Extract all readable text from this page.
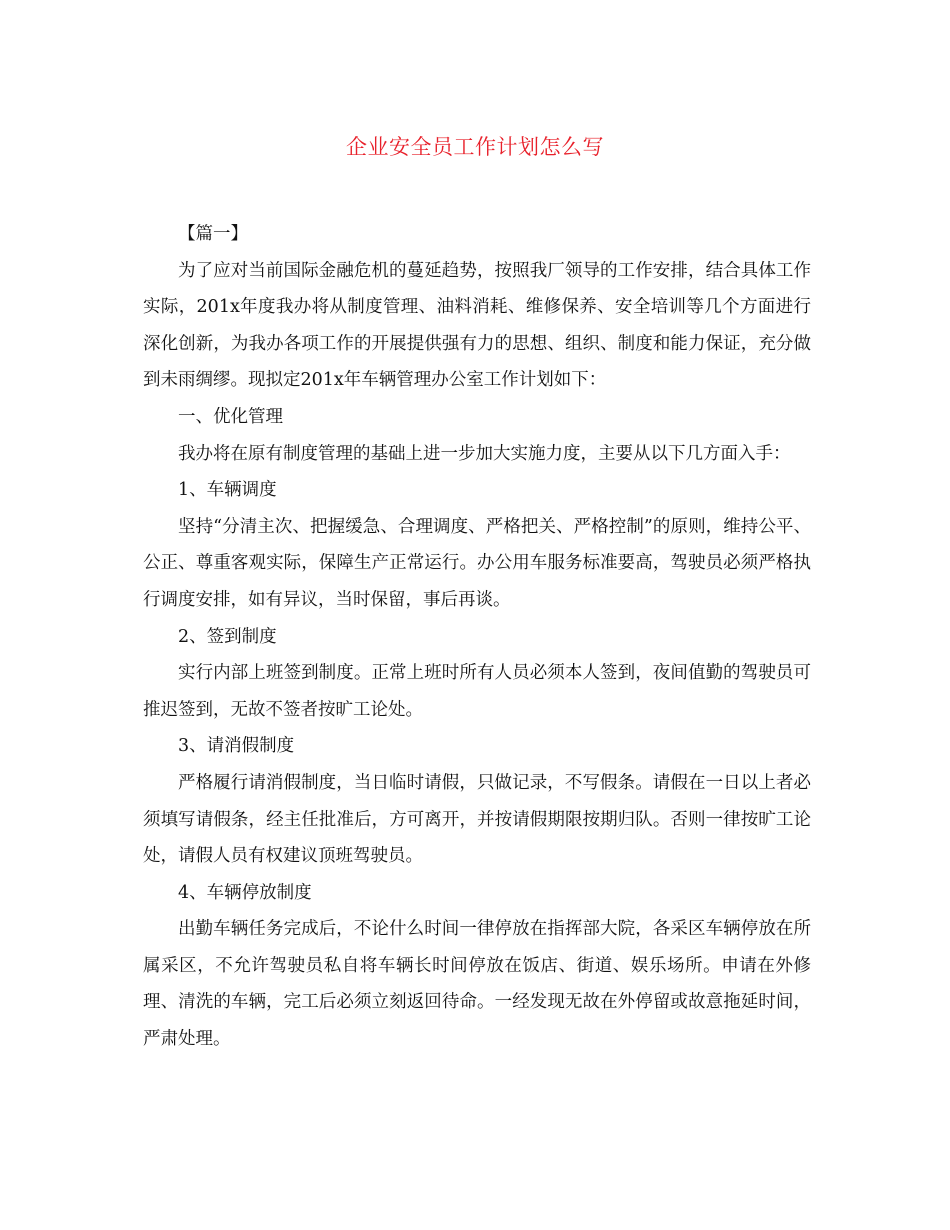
企业安全员工作计划怎么写

【篇一】

为了应对当前国际金融危机的蔓延趋势，按照我厂领导的工作安排，结合具体工作实际，201x年度我办将从制度管理、油料消耗、维修保养、安全培训等几个方面进行深化创新，为我办各项工作的开展提供强有力的思想、组织、制度和能力保证，充分做到未雨绸缪。现拟定201x年车辆管理办公室工作计划如下：

一、优化管理

我办将在原有制度管理的基础上进一步加大实施力度，主要从以下几方面入手：

1、车辆调度

坚持“分清主次、把握缓急、合理调度、严格把关、严格控制”的原则，维持公平、公正、尊重客观实际，保障生产正常运行。办公用车服务标准要高，驾驶员必须严格执行调度安排，如有异议，当时保留，事后再谈。

2、签到制度

实行内部上班签到制度。正常上班时所有人员必须本人签到，夜间值勤的驾驶员可推迟签到，无故不签者按旷工论处。

3、请消假制度

严格履行请消假制度，当日临时请假，只做记录，不写假条。请假在一日以上者必须填写请假条，经主任批准后，方可离开，并按请假期限按期归队。否则一律按旷工论处，请假人员有权建议顶班驾驶员。

4、车辆停放制度

出勤车辆任务完成后，不论什么时间一律停放在指挥部大院，各采区车辆停放在所属采区，不允许驾驶员私自将车辆长时间停放在饭店、街道、娱乐场所。申请在外修理、清洗的车辆，完工后必须立刻返回待命。一经发现无故在外停留或故意拖延时间，严肃处理。
